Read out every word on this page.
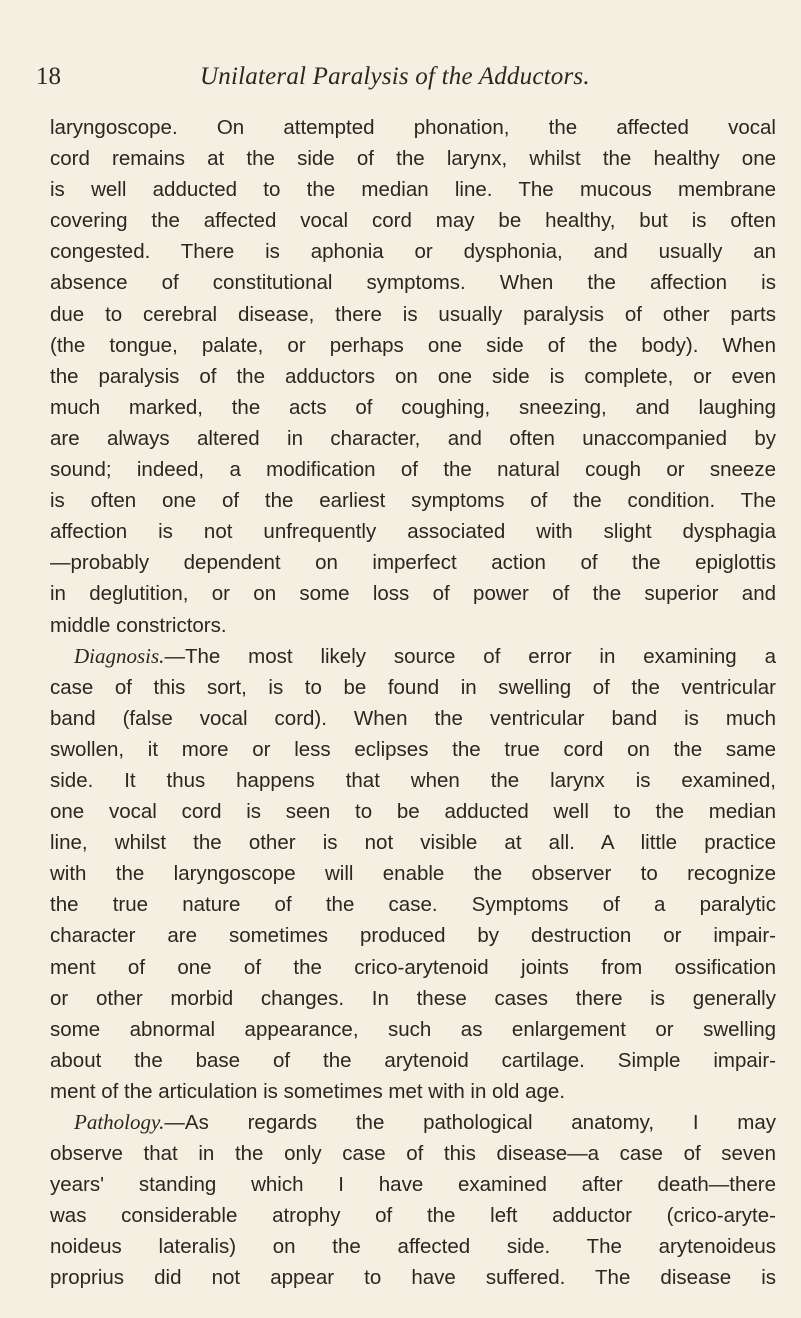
18	Unilateral Paralysis of the Adductors.
laryngoscope. On attempted phonation, the affected vocal
cord remains at the side of the larynx, whilst the healthy one
is well adducted to the median line. The mucous membrane
covering the affected vocal cord may be healthy, but is often
congested. There is aphonia or dysphonia, and usually an
absence of constitutional symptoms. When the affection is
due to cerebral disease, there is usually paralysis of other parts
(the tongue, palate, or perhaps one side of the body). When
the paralysis of the adductors on one side is complete, or even
much marked, the acts of coughing, sneezing, and laughing
are always altered in character, and often unaccompanied by
sound; indeed, a modification of the natural cough or sneeze
is often one of the earliest symptoms of the condition. The
affection is not unfrequently associated with slight dysphagia
—probably dependent on imperfect action of the epiglottis
in deglutition, or on some loss of power of the superior and
middle constrictors.
Diagnosis.—The most likely source of error in examining a
case of this sort, is to be found in swelling of the ventricular
band (false vocal cord). When the ventricular band is much
swollen, it more or less eclipses the true cord on the same
side. It thus happens that when the larynx is examined,
one vocal cord is seen to be adducted well to the median
line, whilst the other is not visible at all. A little practice
with the laryngoscope will enable the observer to recognize
the true nature of the case. Symptoms of a paralytic
character are sometimes produced by destruction or impair-
ment of one of the crico-arytenoid joints from ossification
or other morbid changes. In these cases there is generally
some abnormal appearance, such as enlargement or swelling
about the base of the arytenoid cartilage. Simple impair-
ment of the articulation is sometimes met with in old age.
Pathology.—As regards the pathological anatomy, I may
observe that in the only case of this disease—a case of seven
years' standing which I have examined after death—there
was considerable atrophy of the left adductor (crico-aryte-
noideus lateralis) on the affected side. The arytenoideus
proprius did not appear to have suffered. The disease is
